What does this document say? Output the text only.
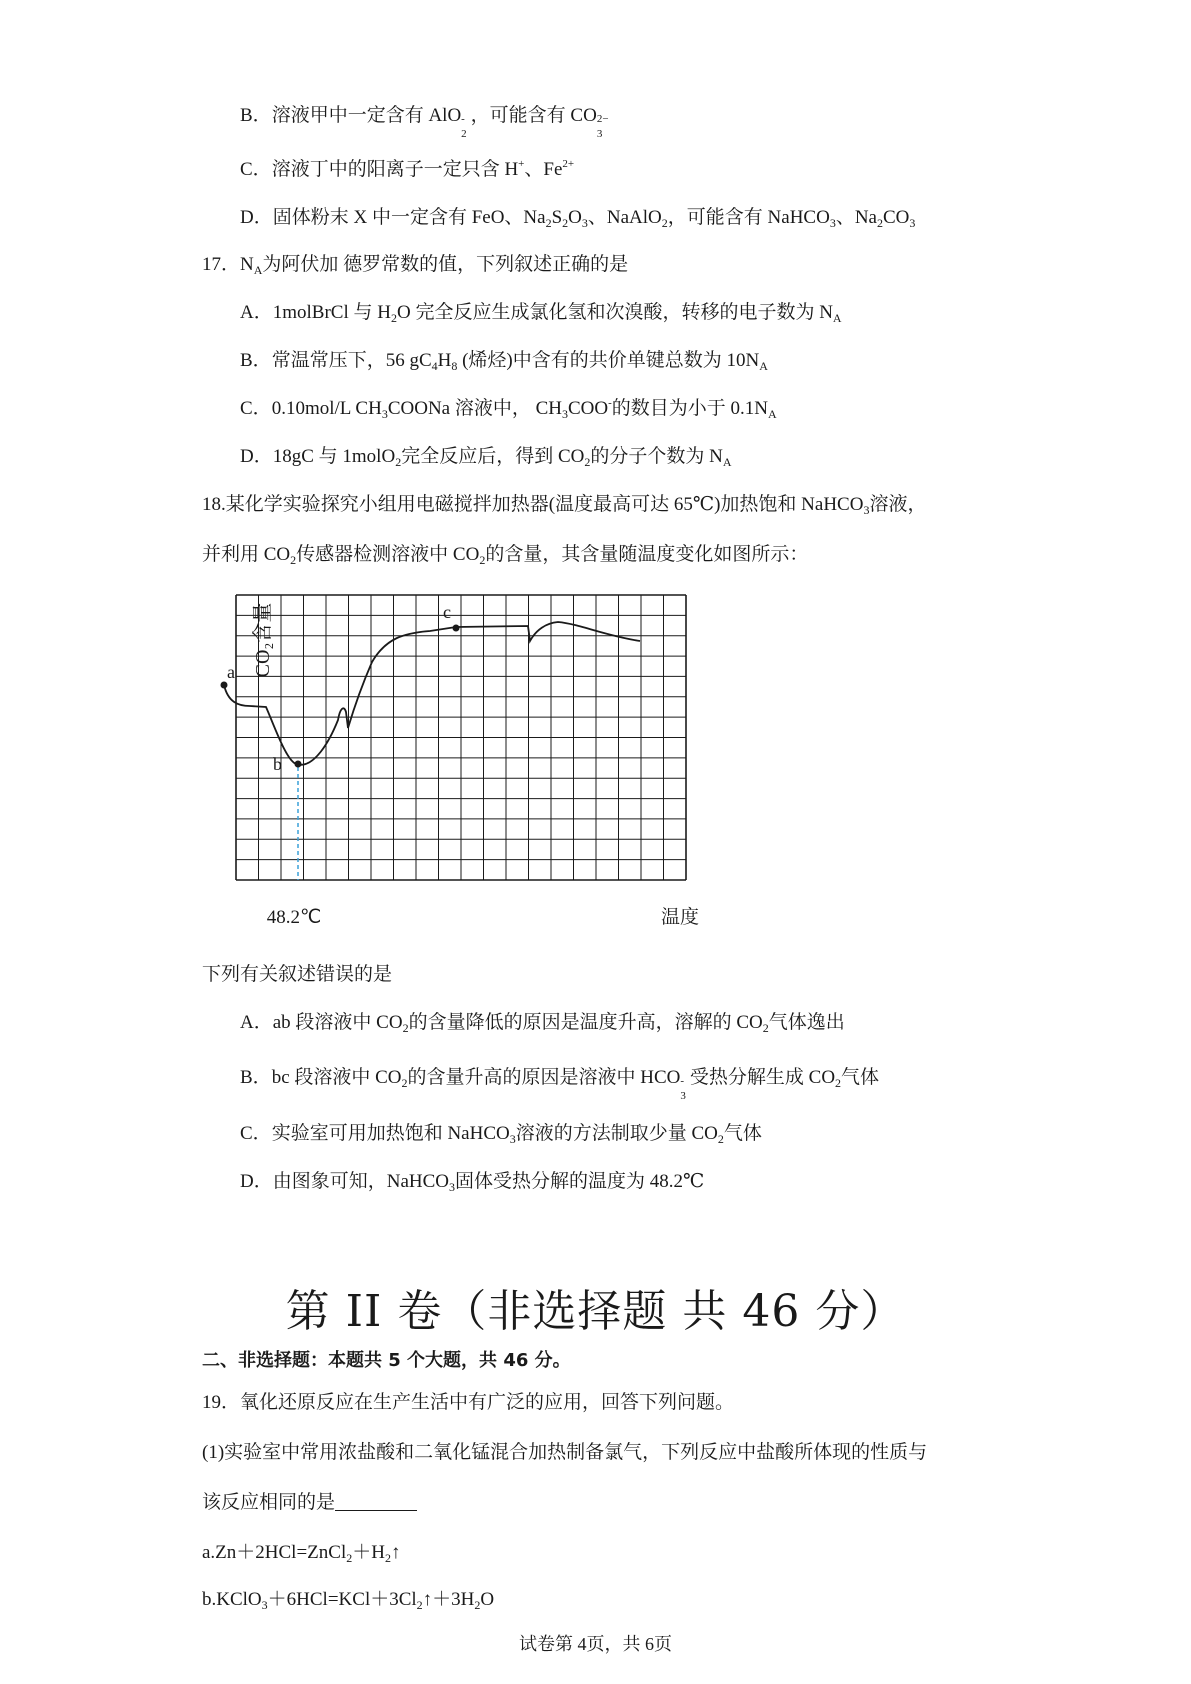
B．溶液甲中一定含有 AlO -
2
，可能含有 CO 2−
3
C．溶液丁中的阳离子一定只含 H+、$Fe^{2+}$
D．固体粉末 X 中一定含有 FeO、$Na_2S_2O_3$、NaAlO$_2$，可能含有 NaHCO$_3$、$Na_2CO_3$
17．$N_A$为阿伏加 德罗常数的值，下列叙述正确的是
A．1molBrCl 与 $H_2O$ 完全反应生成氯化氢和次溴酸，转移的电子数为 $N_A$
B．常温常压下，56 $gC_4H_8$ (烯烃)中含有的共价单键总数为 $10N_A$
C．0.10mol/L $CH_3COONa$ 溶液中， $CH_3COO^-$的数目为小于 $0.1N_A$
D．18gC 与 1molO$_2$完全反应后，得到 $CO_2$的分子个数为 $N_A$
18.某化学实验探究小组用电磁搅拌加热器(温度最高可达 65℃)加热饱和 NaHCO$_3$溶液，
并利用 $CO_2$传感器检测溶液中 $CO_2$的含量，其含量随温度变化如图所示：
CO₂含量
a
b
c
48.2℃	温度
下列有关叙述错误的是
A．ab 段溶液中 $CO_2$的含量降低的原因是温度升高，溶解的 $CO_2$气体逸出
B．bc 段溶液中 $CO_2$的含量升高的原因是溶液中 HCO -
3
受热分解生成 $CO_2$气体
C．实验室可用加热饱和 NaHCO$_3$溶液的方法制取少量 $CO_2$气体
D．由图象可知，NaHCO$_3$固体受热分解的温度为 48.2℃
第 II 卷（非选择题 共 46 分）
二、非选择题：本题共 5 个大题，共 46 分。
19．氧化还原反应在生产生活中有广泛的应用，回答下列问题。
(1)实验室中常用浓盐酸和二氧化锰混合加热制备氯气，下列反应中盐酸所体现的性质与
该反应相同的是
$a.Zn+2HCl=ZnCl_2+H_2↑$
$b.KClO_3+6HCl=KCl+3Cl_2↑+3H_2O$
试卷第 4页，共 6页
